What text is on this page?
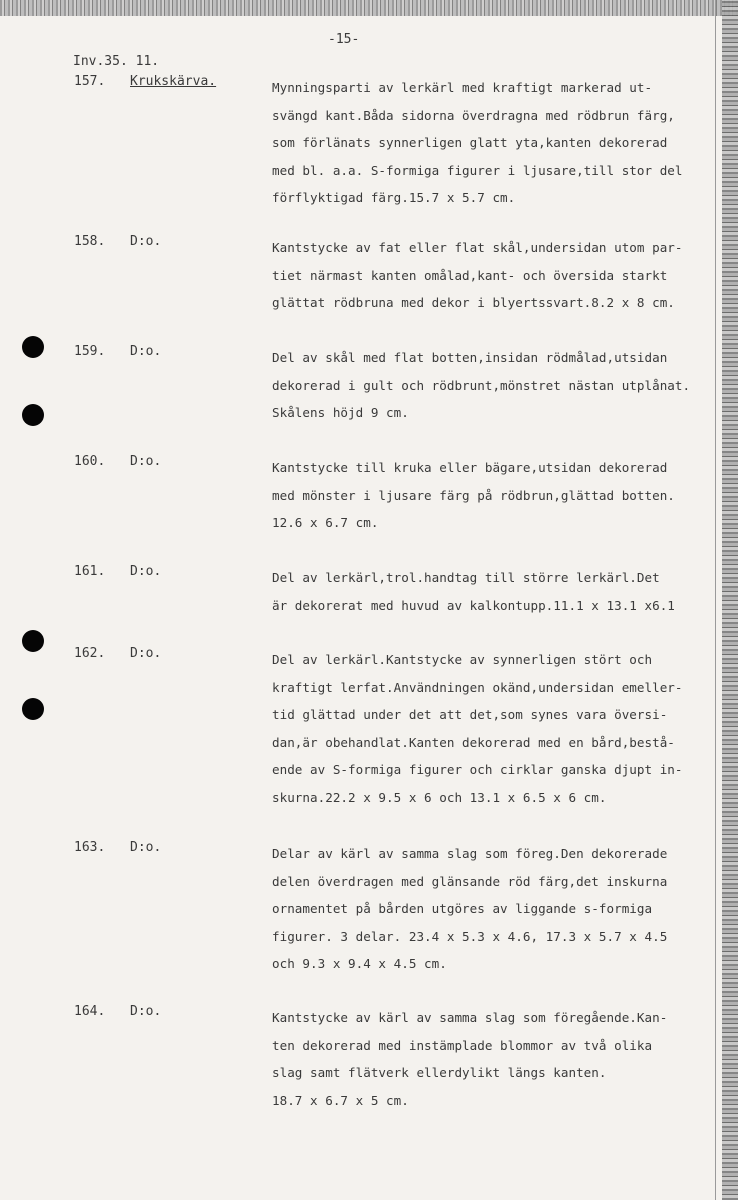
-15-
Inv.35. 11.
157. Krukskärva.	Mynningsparti av lerkärl med kraftigt markerad ut-
svängd kant.Båda sidorna överdragna med rödbrun färg,
som förlänats synnerligen glatt yta,kanten dekorerad
med bl. a.a. S-formiga figurer i ljusare,till stor del
förflyktigad färg.15.7 x 5.7 cm.
158. D:o.	Kantstycke av fat eller flat skål,undersidan utom par-
tiet närmast kanten omålad,kant- och översida starkt
glättat rödbruna med dekor i blyertssvart.8.2 x 8 cm.
159. D:o.	Del av skål med flat botten,insidan rödmålad,utsidan
dekorerad i gult och rödbrunt,mönstret nästan utplånat.
Skålens höjd 9 cm.
160. D:o.	Kantstycke till kruka eller bägare,utsidan dekorerad
med mönster i ljusare färg på rödbrun,glättad botten.
12.6 x 6.7 cm.
161. D:o.	Del av lerkärl,trol.handtag till större lerkärl.Det
är dekorerat med huvud av kalkontupp.11.1 x 13.1 x6.1
162. D:o.	Del av lerkärl.Kantstycke av synnerligen stört och
kraftigt lerfat.Användningen okänd,undersidan emeller-
tid glättad under det att det,som synes vara översi-
dan,är obehandlat.Kanten dekorerad med en bård,bestå-
ende av S-formiga figurer och cirklar ganska djupt in-
skurna.22.2 x 9.5 x 6 och 13.1 x 6.5 x 6 cm.
163. D:o.	Delar av kärl av samma slag som föreg.Den dekorerade
delen överdragen med glänsande röd färg,det inskurna
ornamentet på bården utgöres av liggande s-formiga
figurer. 3 delar. 23.4 x 5.3 x 4.6, 17.3 x 5.7 x 4.5
och 9.3 x 9.4 x 4.5 cm.
164. D:o.	Kantstycke av kärl av samma slag som föregående.Kan-
ten dekorerad med instämplade blommor av två olika
slag samt flätverk ellerdylikt längs kanten.
18.7 x 6.7 x 5 cm.
